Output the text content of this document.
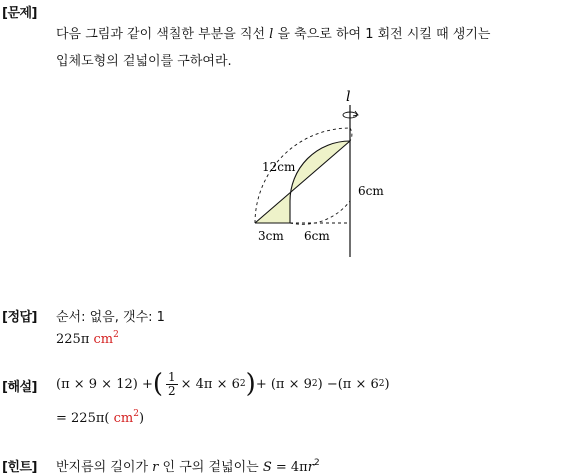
[문제]
다음 그림과 같이 색칠한 부분을 직선 l 을 축으로 하여 1 회전 시킬 때 생기는
입체도형의 겉넓이를 구하여라.
l
12cm
6cm
3cm 6cm
[정답] 순서: 없음, 갯수: 1
225π $cm^2$
[해설] (π × 9 × 12) + ( $\frac{1}{2} \times 4\pi \times 6$ 2 ) + (π × 9 2 ) −(π × 6 2 )
= 225π( $cm^2$)
[힌트] 반지름의 길이가 r 인 구의 겉넓이는 $S = 4\pi r^2$
